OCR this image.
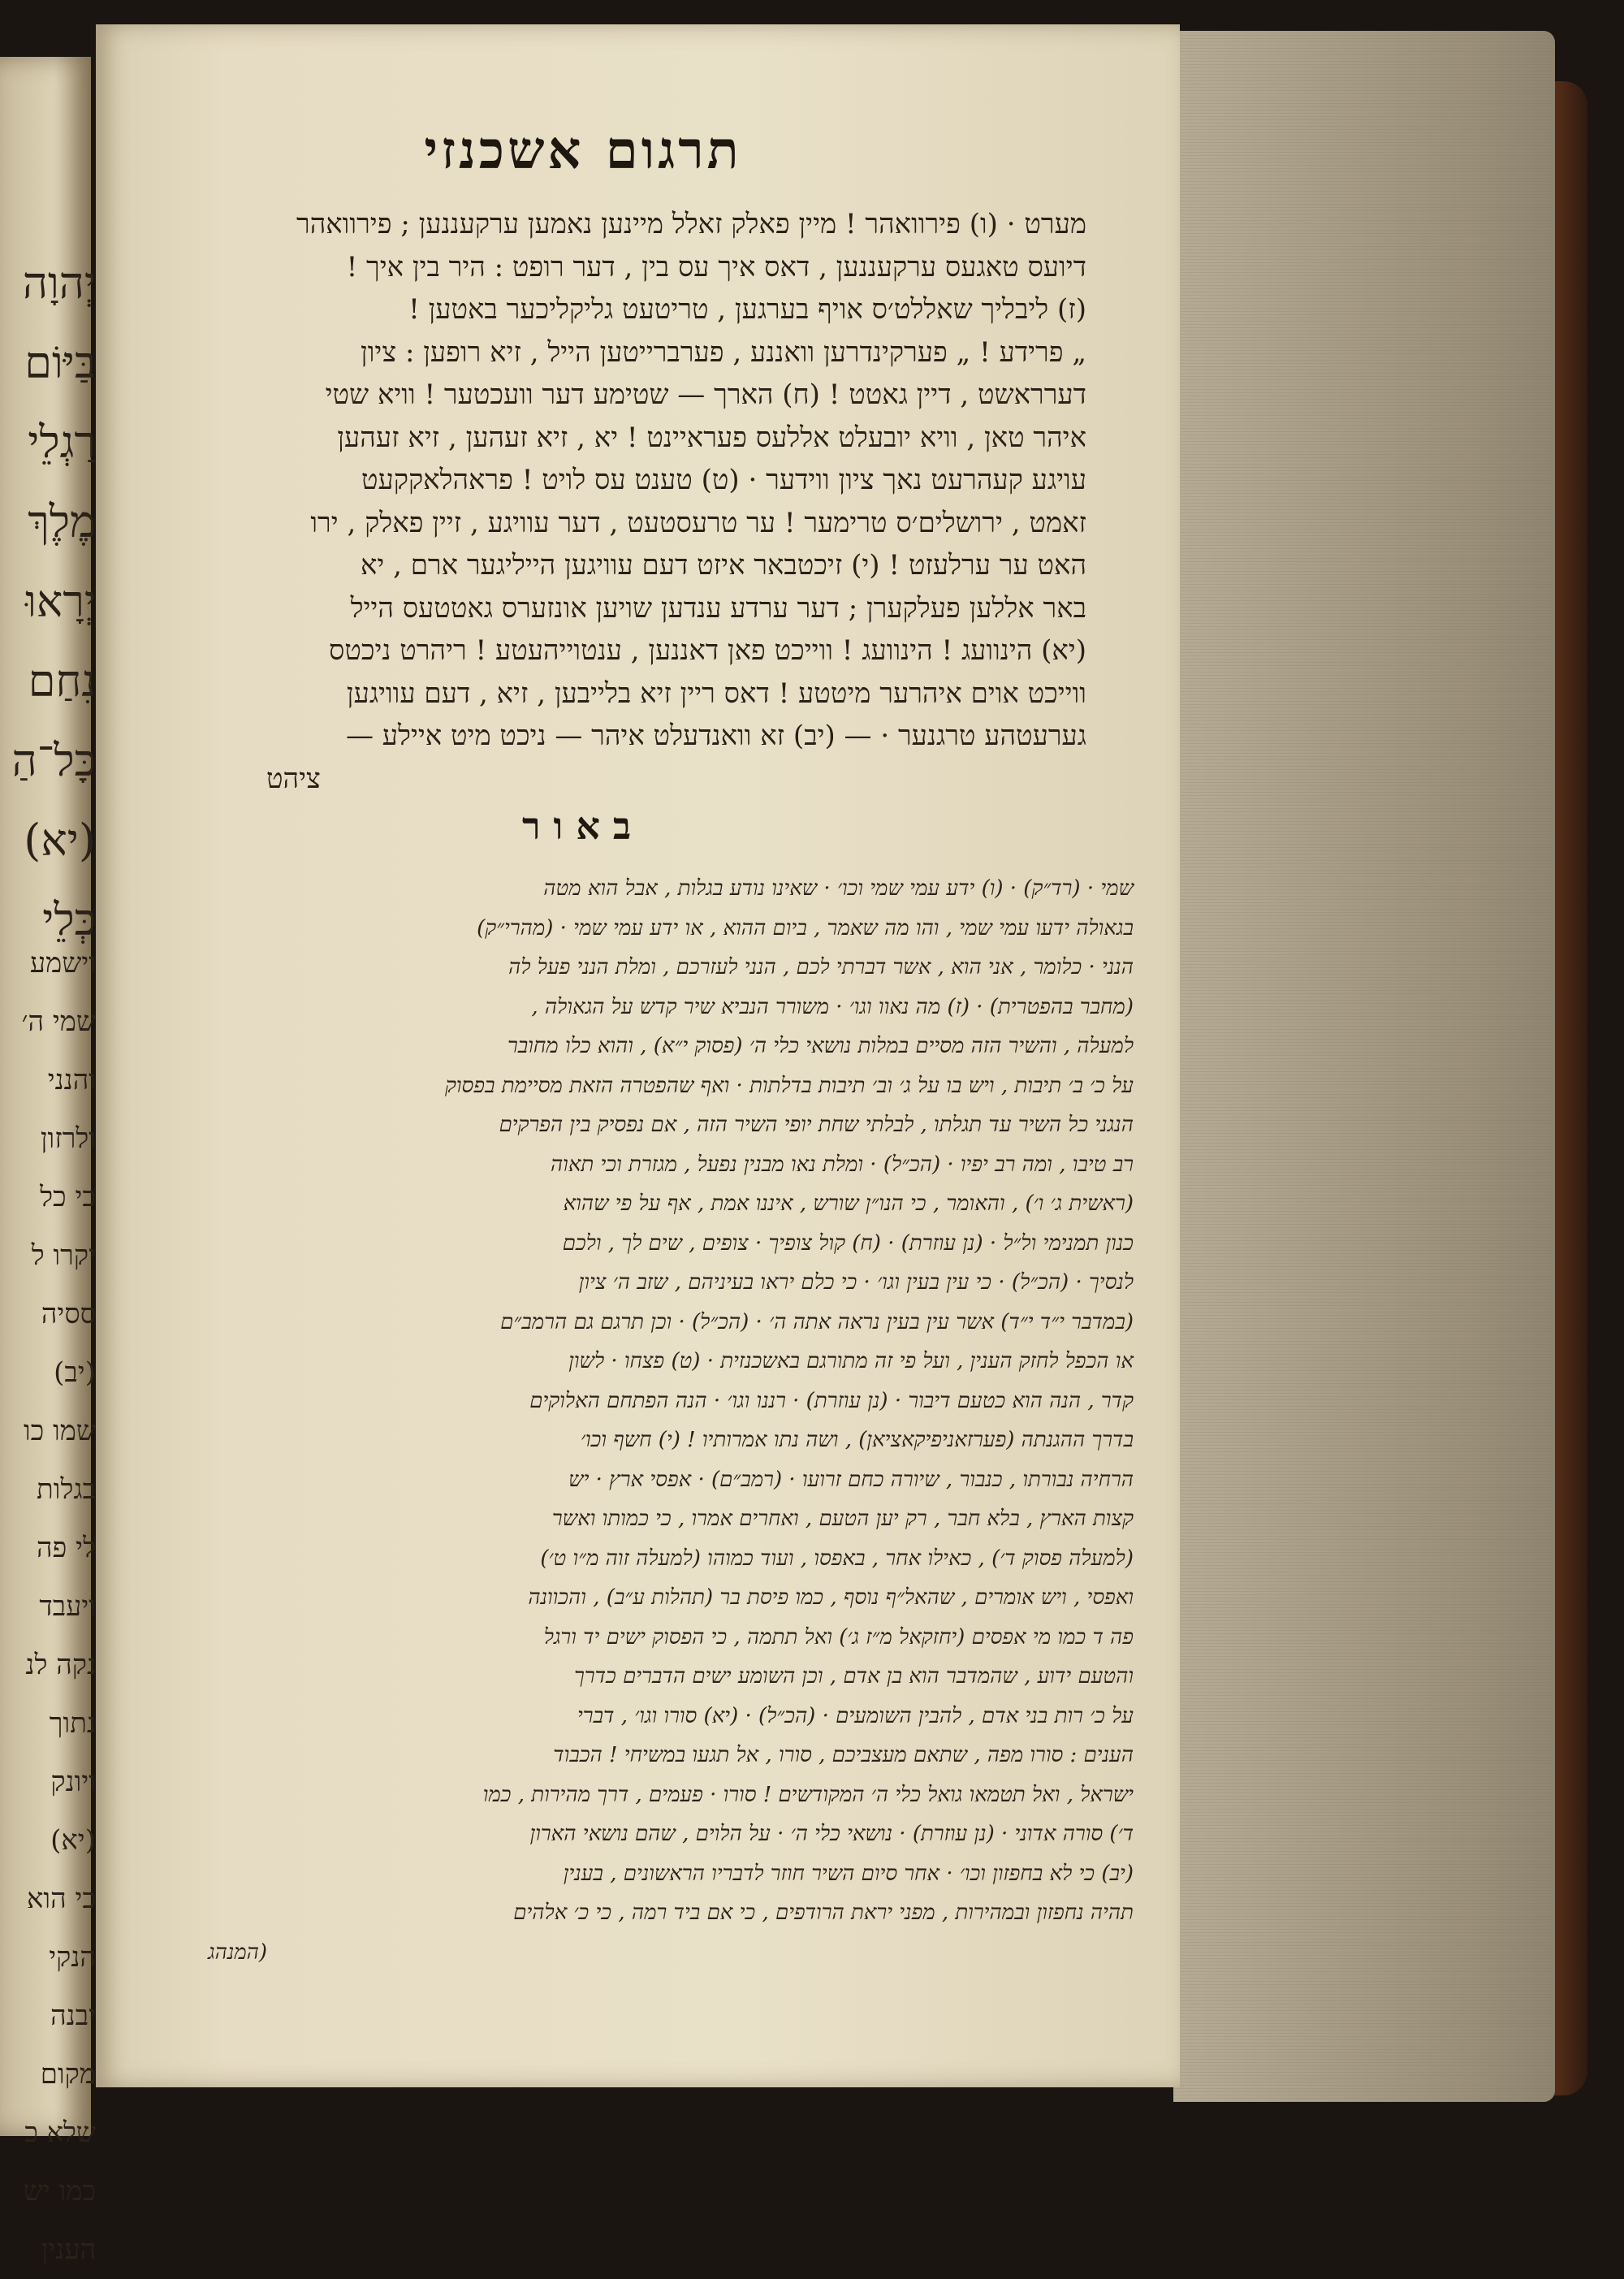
יְהוָה
בַּיּוֹם
רַגְלֵי
מֶלֶךְ
יְרָאוּ
נִחַם
כָּל־הַ
(יא)
כְּלֵי
וישמע
שמי ה׳
והנני
ולרזון
כי כל
יקרו ל
ססיה
(יב)
שמו כו
בגלות
לי פה
ויעבד
נקה לנ
נתוך
ויונק
(יא)
כי הוא
הנקי
יבנה
מקום
שלא כ
כמו יש
הענין
תרגום אשכנזי
מערט · (ו) פירוואהר ! מיין פאלק זאלל מיינען נאמען ערקעננען ; פירוואהר
דיועס טאגעס ערקעננען , דאס איך עס בין , דער רופט : היר בין איך !
(ז) ליבליך שאללט׳ס אויף בערגען , טריטעט גליקליכער באטען !
„ פרידע ! „ פערקינדרען וואננע , פערברייטען הייל , זיא רופען : ציון
דערראשט , דיין גאטט ! (ח) הארך — שטימע דער וועכטער ! וויא שטי
איהר טאן , וויא יובעלט אללעס פעראיינט ! יא , זיא זעהען , זיא זעהען
עויגע קעהרעט נאך ציון ווידער · (ט) טענט עס לויט ! פראהלאקקעט
זאמט , ירושלים׳ס טרימער ! ער טרעסטעט , דער עוויגע , זיין פאלק , ירו
האט ער ערלעזט ! (י) זיכטבאר איזט דעם עוויגען הייליגער ארם , יא
באר אללען פעלקערן ; דער ערדע ענדען שויען אונזערס גאטטעס הייל
(יא) הינוועג ! הינוועג ! ווייכט פאן דאננען , ענטוייהעטע ! ריהרט ניכטס
ווייכט אוים איהרער מיטטע ! דאס ריין זיא בלייבען , זיא , דעם עוויגען
גערעטהע טרגנער · — (יב) זא וואנדעלט איהר — ניכט מיט איילע —
ציהט
באור
שמי · (רד״ק) · (ו) ידע עמי שמי וכו׳ · שאינו נודע בגלות , אבל הוא מטה
בגאולה ידעו עמי שמי , והו מה שאמר , ביום ההוא , או ידע עמי שמי · (מהרי״ק)
הנני · כלומר , אני הוא , אשר דברתי לכם , הנני לעזרכם , ומלת הנני פעל לה
(מחבר בהפטרית) · (ז) מה נאוו וגו׳ · משורר הנביא שיר קדש על הגאולה ,
למעלה , והשיר הזה מסיים במלות נושאי כלי ה׳ (פסוק י״א) , והוא כלו מחובר
על כ׳ ב׳ תיבות , ויש בו על ג׳ וב׳ תיבות בדלתות · ואף שהפטרה הזאת מסיימת בפסוק
הנגני כל השיר עד תגלתו , לבלתי שחת יופי השיר הזה , אם נפסיק בין הפרקים
רב טיבו , ומה רב יפיו · (הכ״ל) · ומלת נאו מבנין נפעל , מגזרת וכי תאוה
(ראשית ג׳ ו׳) , והאומר , כי הנו״ן שורש , איננו אמת , אף על פי שהוא
כנון תמנימי ול״ל · (נן עוזרת) · (ח) קול צופיך · צופים , שים לך , ולכם
לנסיך · (הכ״ל) · כי עין בעין וגו׳ · כי כלם יראו בעיניהם , שזב ה׳ ציון
(במדבר י״ד י״ד) אשר עין בעין נראה אתה ה׳ · (הכ״ל) · וכן תרגם גם הרמב״ם
או הכפל לחזק הענין , ועל פי זה מתורגם באשכנזית · (ט) פצחו · לשון
קדר , הנה הוא כטעם דיבור · (נן עוזרת) · רננו וגו׳ · הנה הפתחם האלוקים
בדרך ההגנתה (פערזאניפיקאציאן) , ושה נתו אמרותיו ! (י) חשף וכו׳
הרחיה נבורתו , כנבור , שיורה כחם זרועו · (רמב״ם) · אפסי ארץ · יש
קצות הארץ , בלא חבר , רק יען הטעם , ואחרים אמרו , כי כמותו ואשר
(למעלה פסוק ד׳) , כאילו אחר , באפסו , ועוד כמוהו (למעלה זוה מ״ו ט׳)
ואפסי , ויש אומרים , שהאל״ף נוסף , כמו פיסת בר (תהלות ע״ב) , והכוונה
פה ד כמו מי אפסים (יחזקאל מ״ז ג׳) ואל תתמה , כי הפסוק ישים יד ורגל
והטעם ידוע , שהמדבר הוא בן אדם , וכן השומע ישים הדברים כדרך
על כ׳ רות בני אדם , להבין השומעים · (הכ״ל) · (יא) סורו וגו׳ , דברי
הענים : סורו מפה , שתאם מעצביכם , סורו , אל תגעו במשיחי ! הכבוד
ישראל , ואל תטמאו גואל כלי ה׳ המקודשים ! סורו · פעמים , דרך מהירות , כמו
ד׳) סורה אדוני · (נן עוזרת) · נושאי כלי ה׳ · על הלוים , שהם נושאי הארון
(יב) כי לא בחפזון וכו׳ · אחר סיום השיר חוזר לדבריו הראשונים , בענין
תהיה נחפזון ובמהירות , מפני יראת הרודפים , כי אם ביד רמה , כי כ׳ אלהים
(המנהג
